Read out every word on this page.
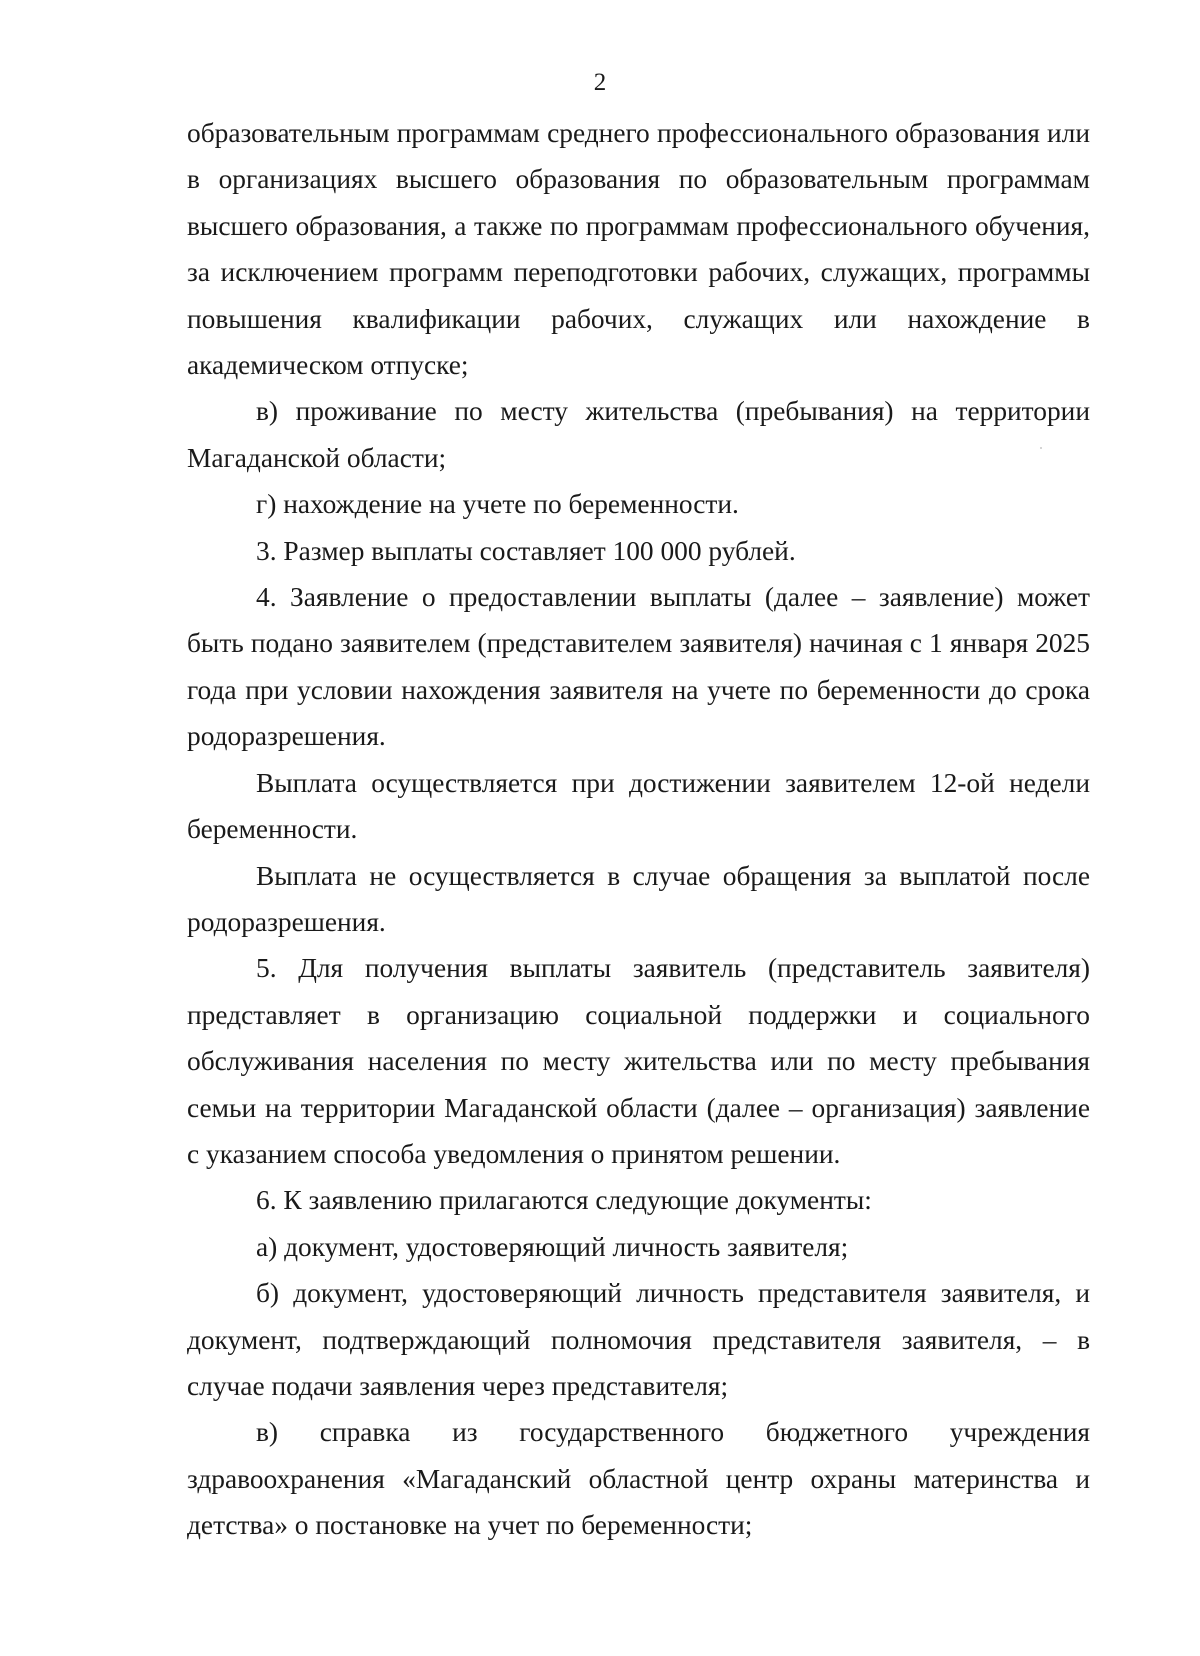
2

образовательным программам среднего профессионального образования или в организациях высшего образования по образовательным программам высшего образования, а также по программам профессионального обучения, за исключением программ переподготовки рабочих, служащих, программы повышения квалификации рабочих, служащих или нахождение в академическом отпуске;

в) проживание по месту жительства (пребывания) на территории Магаданской области;

г) нахождение на учете по беременности.

3. Размер выплаты составляет 100 000 рублей.

4. Заявление о предоставлении выплаты (далее – заявление) может быть подано заявителем (представителем заявителя) начиная с 1 января 2025 года при условии нахождения заявителя на учете по беременности до срока родоразрешения.

Выплата осуществляется при достижении заявителем 12-ой недели беременности.

Выплата не осуществляется в случае обращения за выплатой после родоразрешения.

5. Для получения выплаты заявитель (представитель заявителя) представляет в организацию социальной поддержки и социального обслуживания населения по месту жительства или по месту пребывания семьи на территории Магаданской области (далее – организация) заявление с указанием способа уведомления о принятом решении.

6. К заявлению прилагаются следующие документы:

а) документ, удостоверяющий личность заявителя;

б) документ, удостоверяющий личность представителя заявителя, и документ, подтверждающий полномочия представителя заявителя, – в случае подачи заявления через представителя;

в) справка из государственного бюджетного учреждения здравоохранения «Магаданский областной центр охраны материнства и детства» о постановке на учет по беременности;
